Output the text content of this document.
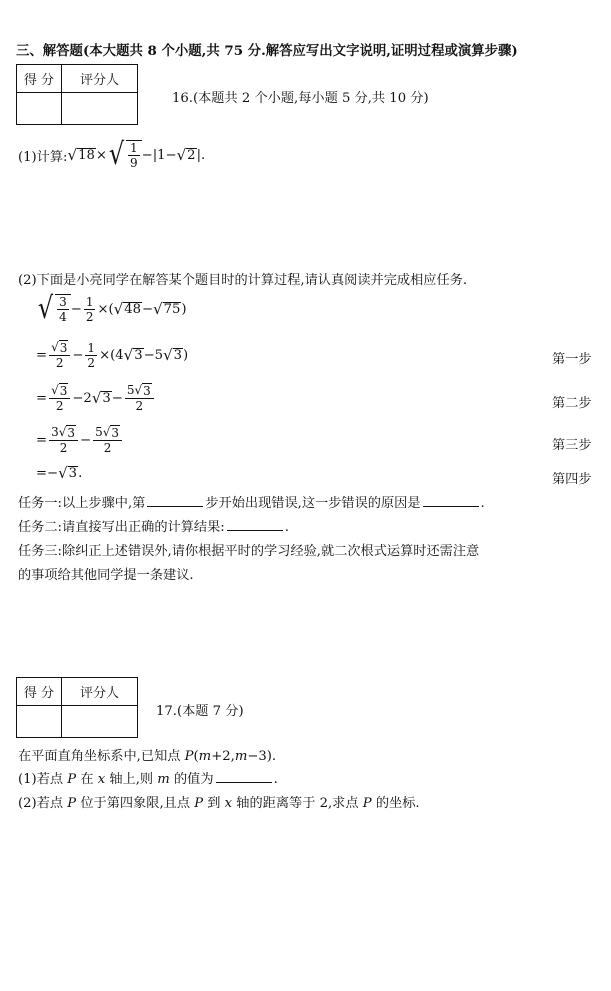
三、解答题(本大题共 8 个小题,共 75 分.解答应写出文字说明,证明过程或演算步骤)
得 分	评分人

16.(本题共 2 个小题,每小题 5 分,共 10 分)
(1)计算: √ 18 × √ $\frac{1}{9} -|1-$ √ 2 |.
(2)下面是小亮同学在解答某个题目时的计算过程,请认真阅读并完成相应任务.
√ $\frac{3}{4} - \frac{1}{2}$ ×( √ 48 − √ 75 )
= $\frac{√ 3}{2} - \frac{1}{2} \times(4$ √ 3 −5 √ 3 )	第一步
= $\frac{√ 3}{2} -2$ √ $3 - \frac{5 √ 3}{2}$	第二步
= $\frac{3 √ 3}{2} - \frac{5 √ 3}{2}$	第三步
=− √ 3 .	第四步
任务一:以上步骤中,第	步开始出现错误,这一步错误的原因是	.
任务二:请直接写出正确的计算结果:	.
任务三:除纠正上述错误外,请你根据平时的学习经验,就二次根式运算时还需注意
的事项给其他同学提一条建议.
得 分	评分人

17.(本题 7 分)
在平面直角坐标系中,已知点 P(m+2,m−3).
(1)若点 P 在 x 轴上,则 m 的值为	.
(2)若点 P 位于第四象限,且点 P 到 x 轴的距离等于 2,求点 P 的坐标.
